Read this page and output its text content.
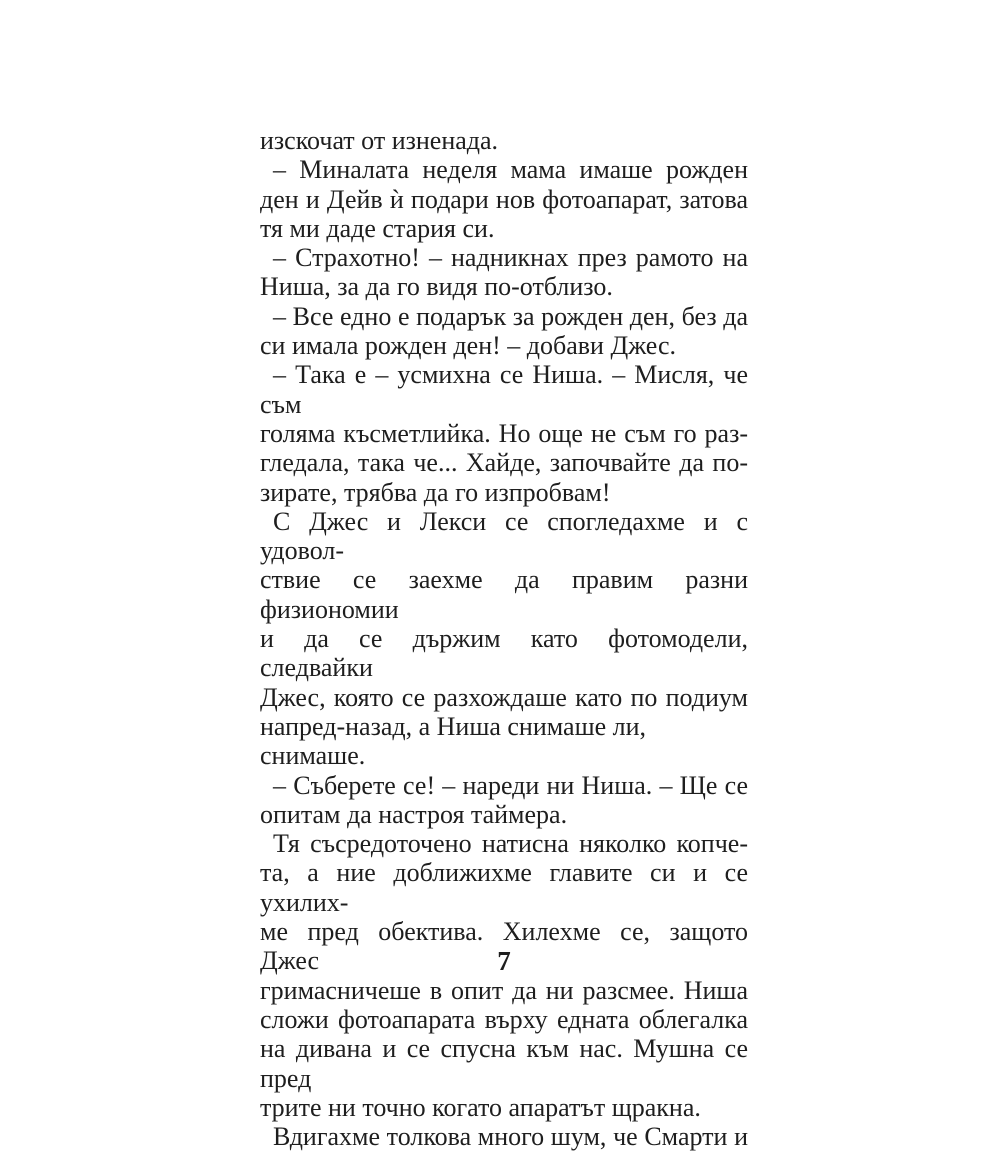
изскочат от изненада.
– Миналата неделя мама имаше рожден
ден и Дейв ѝ подари нов фотоапарат, затова
тя ми даде стария си.
– Страхотно! – надникнах през рамото на
Ниша, за да го видя по-отблизо.
– Все едно е подарък за рожден ден, без да
си имала рожден ден! – добави Джес.
– Така е – усмихна се Ниша. – Мисля, че съм
голяма късметлийка. Но още не съм го раз-
гледала, така че... Хайде, започвайте да по-
зирате, трябва да го изпробвам!
С Джес и Лекси се спогледахме и с удовол-
ствие се заехме да правим разни физиономии
и да се държим като фотомодели, следвайки
Джес, която се разхождаше като по подиум
напред-назад, а Ниша снимаше ли, снимаше.
– Съберете се! – нареди ни Ниша. – Ще се
опитам да настроя таймера.
Тя съсредоточено натисна няколко копче-
та, а ние доближихме главите си и се ухилих-
ме пред обектива. Хилехме се, защото Джес
гримасничеше в опит да ни разсмее. Ниша
сложи фотоапарата върху едната облегалка
на дивана и се спусна към нас. Мушна се пред
трите ни точно когато апаратът щракна.
Вдигахме толкова много шум, че Смарти и
7
